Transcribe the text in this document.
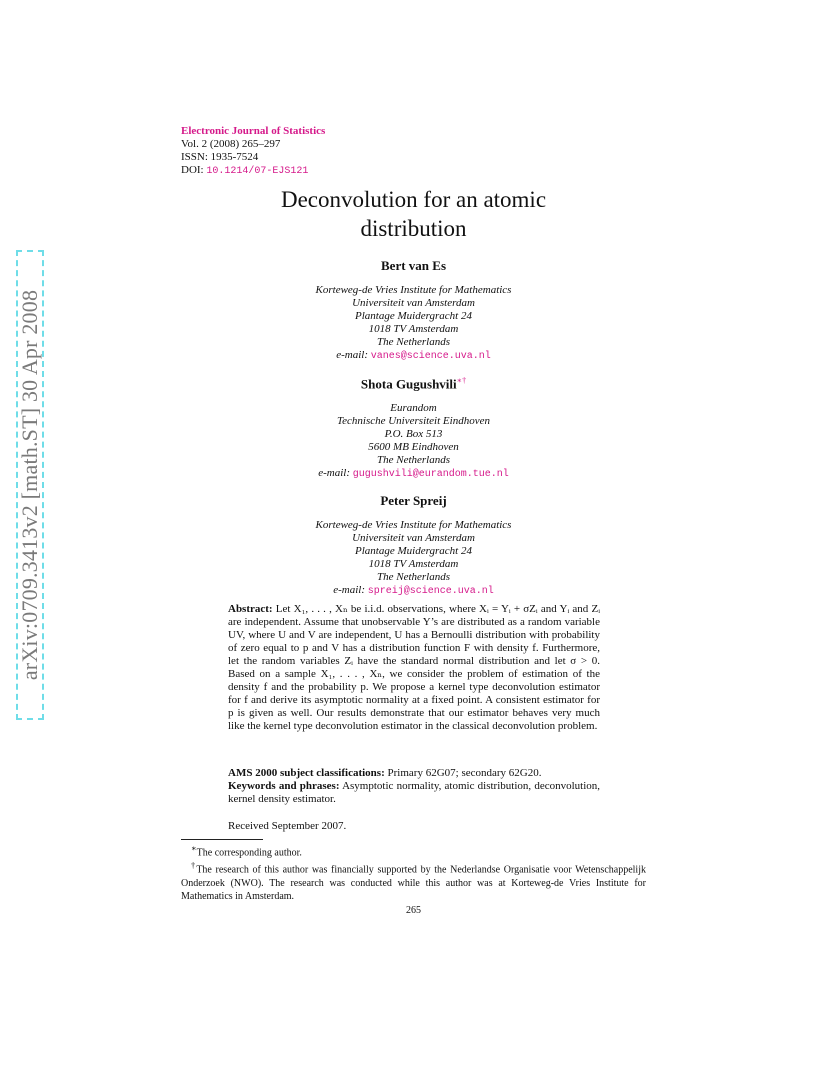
arXiv:0709.3413v2 [math.ST] 30 Apr 2008
Electronic Journal of Statistics
Vol. 2 (2008) 265–297
ISSN: 1935-7524
DOI: 10.1214/07-EJS121
Deconvolution for an atomic
distribution
Bert van Es
Korteweg-de Vries Institute for Mathematics
Universiteit van Amsterdam
Plantage Muidergracht 24
1018 TV Amsterdam
The Netherlands
e-mail: vanes@science.uva.nl
Shota Gugushvili∗†
Eurandom
Technische Universiteit Eindhoven
P.O. Box 513
5600 MB Eindhoven
The Netherlands
e-mail: gugushvili@eurandom.tue.nl
Peter Spreij
Korteweg-de Vries Institute for Mathematics
Universiteit van Amsterdam
Plantage Muidergracht 24
1018 TV Amsterdam
The Netherlands
e-mail: spreij@science.uva.nl
Abstract: Let X₁, . . . , Xₙ be i.i.d. observations, where Xᵢ = Yᵢ + σZᵢ and Yᵢ and Zᵢ are independent. Assume that unobservable Y’s are distributed as a random variable UV, where U and V are independent, U has a Bernoulli distribution with probability of zero equal to p and V has a distribution function F with density f. Furthermore, let the random variables Zᵢ have the standard normal distribution and let σ > 0. Based on a sample X₁, . . . , Xₙ, we consider the problem of estimation of the density f and the probability p. We propose a kernel type deconvolution estimator for f and derive its asymptotic normality at a fixed point. A consistent estimator for p is given as well. Our results demonstrate that our estimator behaves very much like the kernel type deconvolution estimator in the classical deconvolution problem.
AMS 2000 subject classifications: Primary 62G07; secondary 62G20.
Keywords and phrases: Asymptotic normality, atomic distribution, deconvolution, kernel density estimator.
Received September 2007.
∗The corresponding author.
†The research of this author was financially supported by the Nederlandse Organisatie voor Wetenschappelijk Onderzoek (NWO). The research was conducted while this author was at Korteweg-de Vries Institute for Mathematics in Amsterdam.
265
